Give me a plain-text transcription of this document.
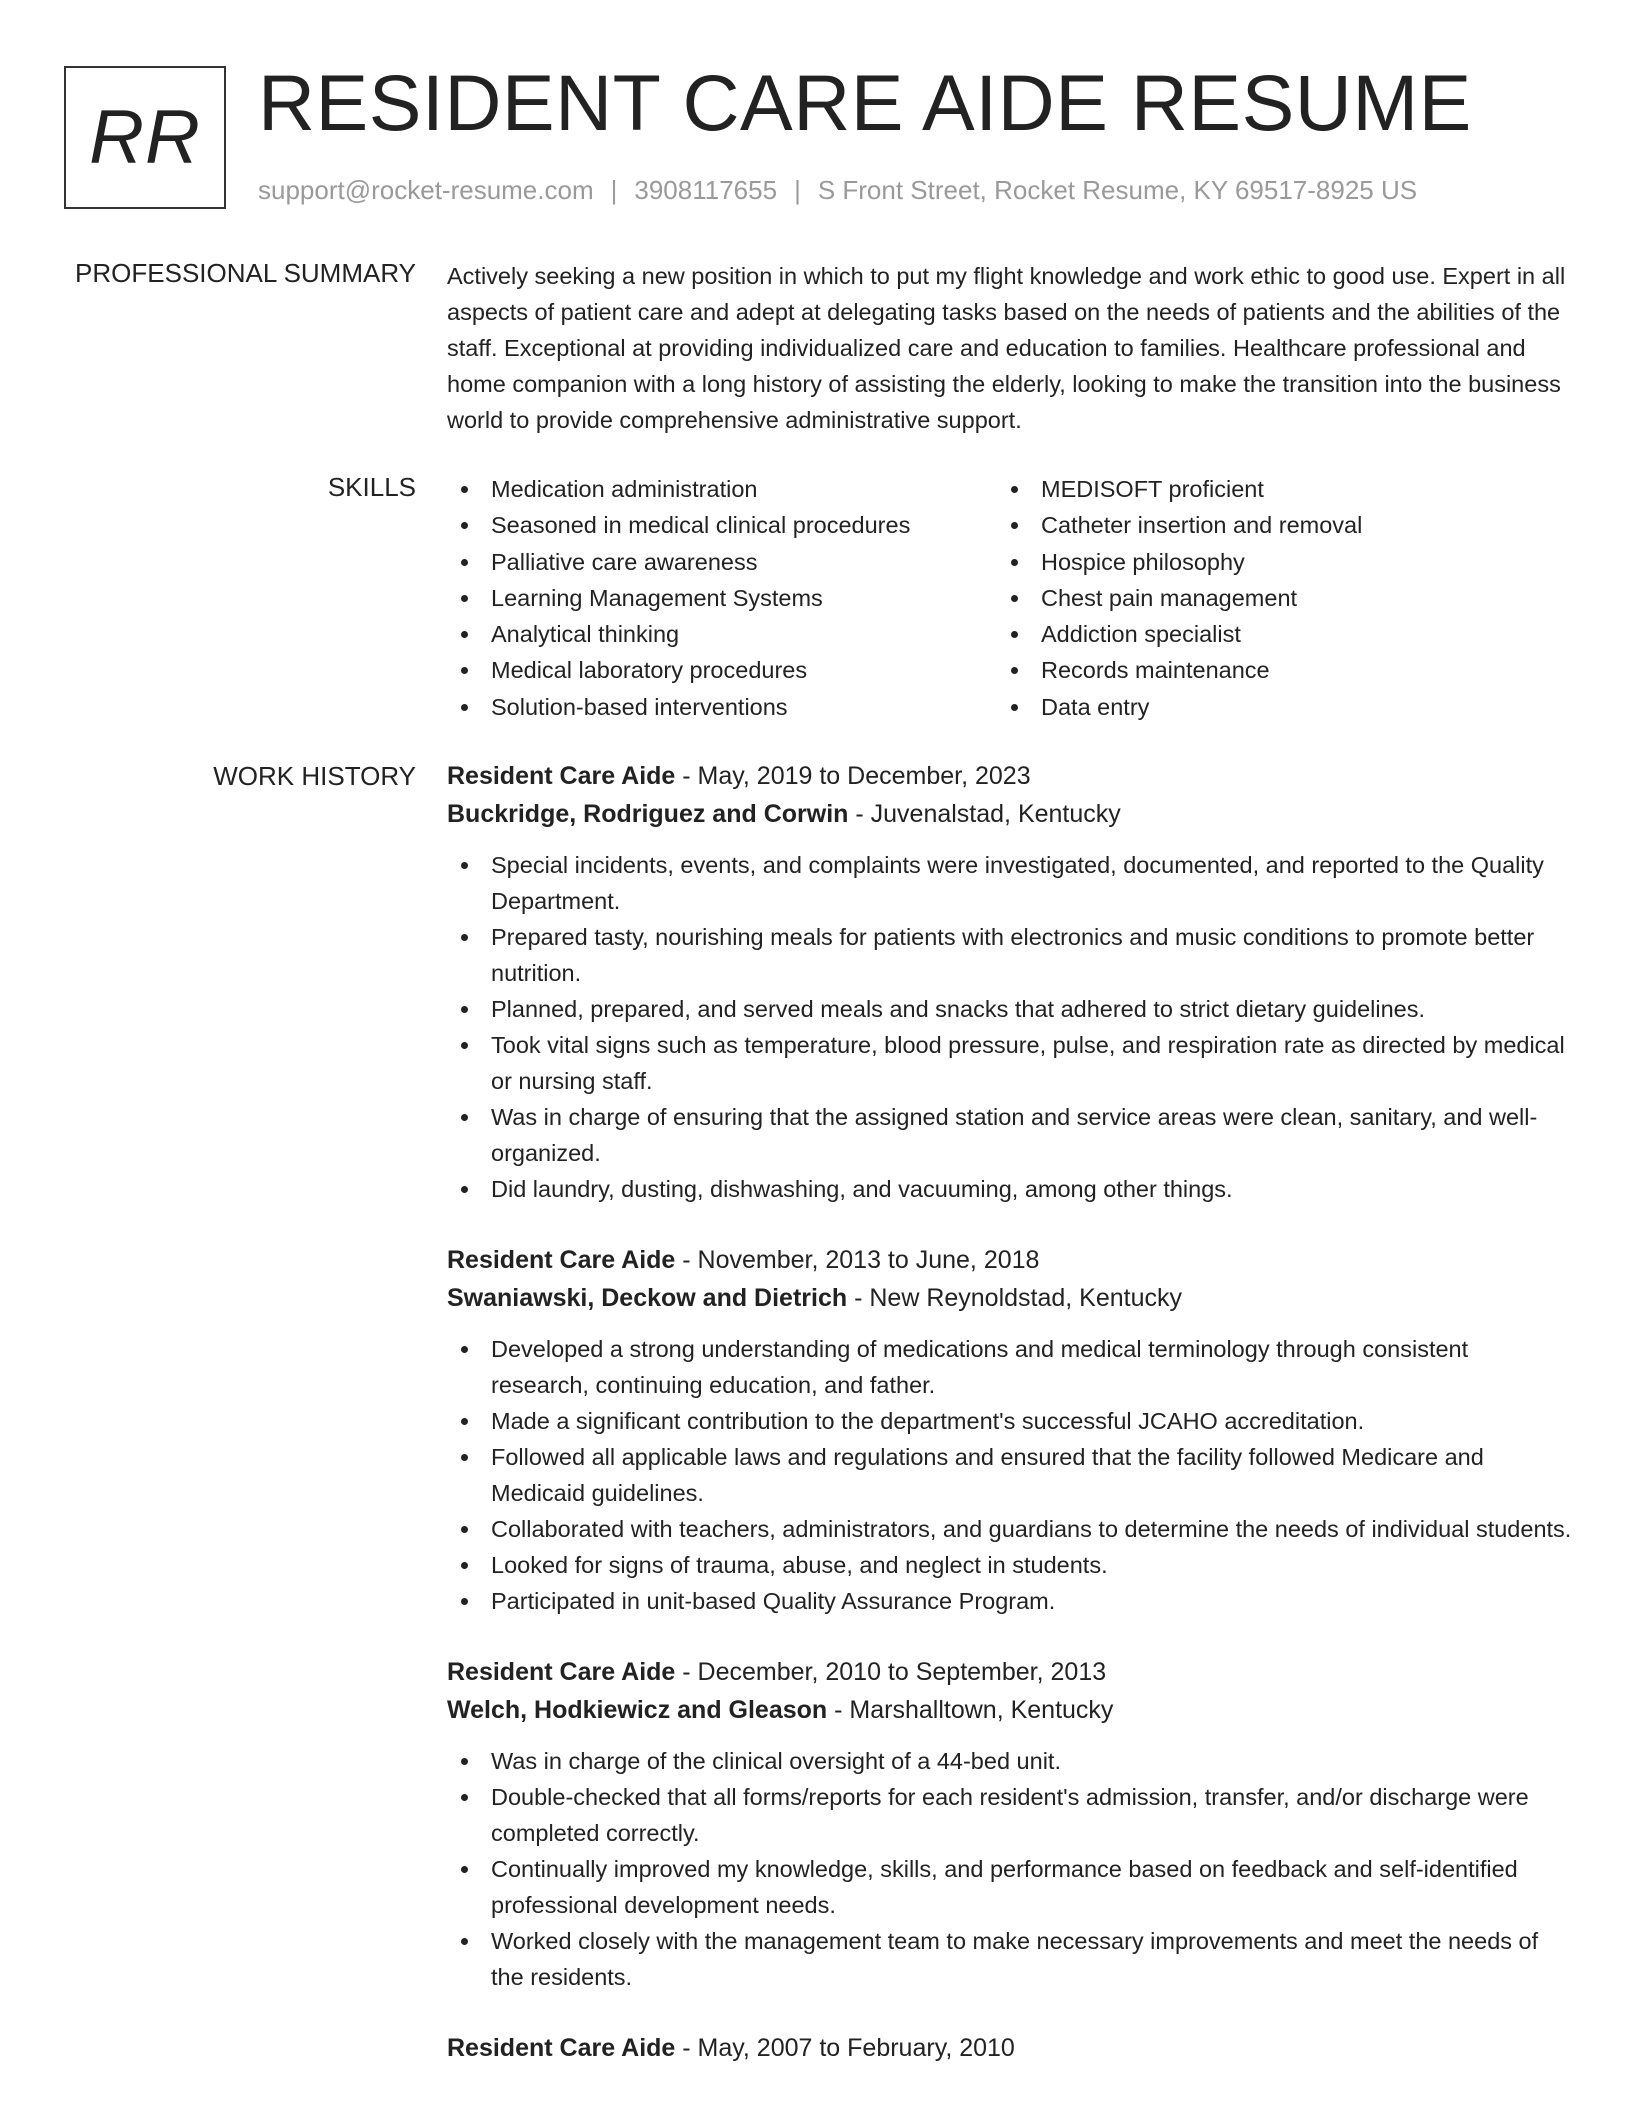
RR RESIDENT CARE AIDE RESUME
support@rocket-resume.com | 3908117655 | S Front Street, Rocket Resume, KY 69517-8925 US
PROFESSIONAL SUMMARY Actively seeking a new position in which to put my flight knowledge and work ethic to good use. Expert in all aspects of patient care and adept at delegating tasks based on the needs of patients and the abilities of the staff. Exceptional at providing individualized care and education to families. Healthcare professional and home companion with a long history of assisting the elderly, looking to make the transition into the business world to provide comprehensive administrative support.

SKILLS	Medication administration
Seasoned in medical clinical procedures
Palliative care awareness
Learning Management Systems
Analytical thinking
Medical laboratory procedures
Solution-based interventions
MEDISOFT proficient
Catheter insertion and removal
Hospice philosophy
Chest pain management
Addiction specialist
Records maintenance
Data entry
WORK HISTORY Resident Care Aide - May, 2019 to December, 2023
Buckridge, Rodriguez and Corwin - Juvenalstad, Kentucky
Special incidents, events, and complaints were investigated, documented, and reported to the Quality Department.
Prepared tasty, nourishing meals for patients with electronics and music conditions to promote better nutrition.
Planned, prepared, and served meals and snacks that adhered to strict dietary guidelines.
Took vital signs such as temperature, blood pressure, pulse, and respiration rate as directed by medical or nursing staff.
Was in charge of ensuring that the assigned station and service areas were clean, sanitary, and well-organized.
Did laundry, dusting, dishwashing, and vacuuming, among other things.
Resident Care Aide - November, 2013 to June, 2018
Swaniawski, Deckow and Dietrich - New Reynoldstad, Kentucky
Developed a strong understanding of medications and medical terminology through consistent research, continuing education, and father.
Made a significant contribution to the department's successful JCAHO accreditation.
Followed all applicable laws and regulations and ensured that the facility followed Medicare and Medicaid guidelines.
Collaborated with teachers, administrators, and guardians to determine the needs of individual students.
Looked for signs of trauma, abuse, and neglect in students.
Participated in unit-based Quality Assurance Program.
Resident Care Aide - December, 2010 to September, 2013
Welch, Hodkiewicz and Gleason - Marshalltown, Kentucky
Was in charge of the clinical oversight of a 44-bed unit.
Double-checked that all forms/reports for each resident's admission, transfer, and/or discharge were completed correctly.
Continually improved my knowledge, skills, and performance based on feedback and self-identified professional development needs.
Worked closely with the management team to make necessary improvements and meet the needs of the residents.
Resident Care Aide - May, 2007 to February, 2010
